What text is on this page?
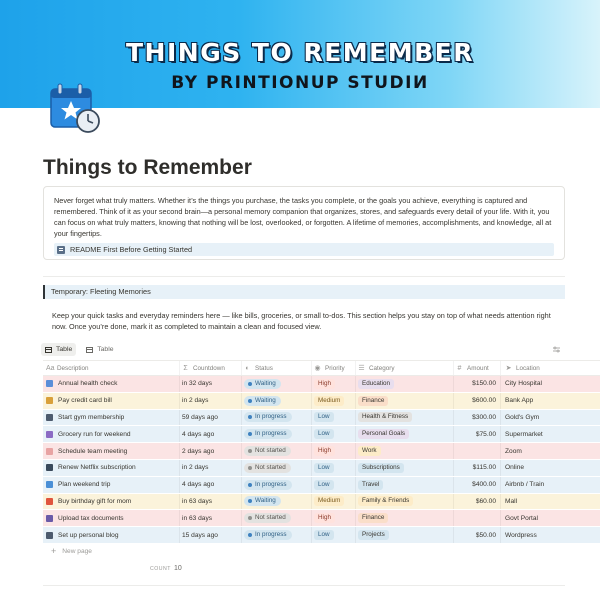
THINGS TO REMEMBER
BY PRINTIONUP STUDIИ
Things to Remember
Never forget what truly matters. Whether it’s the things you purchase, the tasks you complete, or the goals you achieve, everything is captured and remembered. Think of it as your second brain—a personal memory companion that organizes, stores, and safeguards every detail of your life. With it, you can focus on what truly matters, knowing that nothing will be lost, overlooked, or forgotten. A lifetime of memories, accomplishments, and knowledge, all at your fingertips.
README First Before Getting Started
Temporary: Fleeting Memories
Keep your quick tasks and everyday reminders here — like bills, groceries, or small to-dos. This section helps you stay on top of what needs attention right now. Once you’re done, mark it as completed to maintain a clean and focused view.
Table	Table
Aa Description	Σ Countdown	◐ Status	◉ Priority ☰ Category	# Amount ➤ Location
Annual health check	in 32 days	Waiting	High	Education	$150.00 City Hospital
Pay credit card bill	in 2 days	Waiting	Medium	Finance	$600.00 Bank App
Start gym membership	59 days ago	In progress	Low	Health & Fitness	$300.00 Gold's Gym
Grocery run for weekend	4 days ago	In progress	Low	Personal Goals	$75.00 Supermarket
Schedule team meeting	2 days ago	Not started	High	Work	Zoom
Renew Netflix subscription	in 2 days	Not started	Low	Subscriptions	$115.00 Online
Plan weekend trip	4 days ago	In progress	Low	Travel	$400.00 Airbnb / Train
Buy birthday gift for mom	in 63 days	Waiting	Medium	Family & Friends	$60.00 Mall
Upload tax documents	in 63 days	Not started	High	Finance	Govt Portal
Set up personal blog	15 days ago	In progress	Low	Projects	$50.00 Wordpress
+ New page
COUNT 10
